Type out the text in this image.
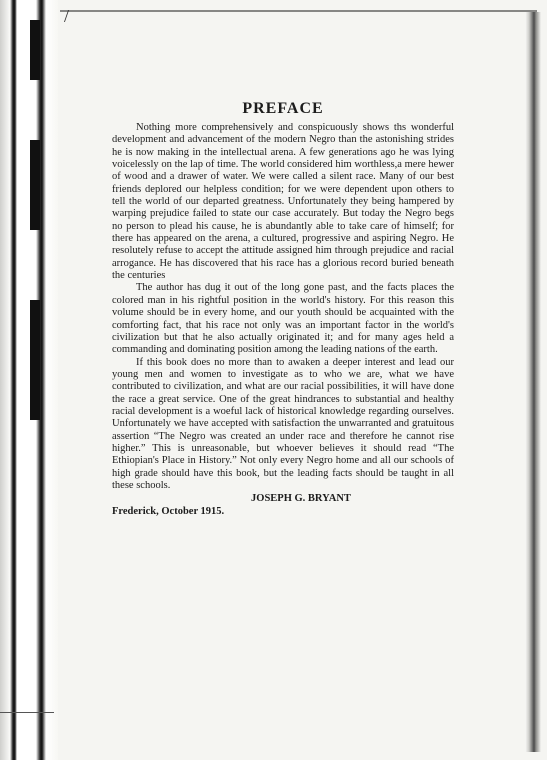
/
PREFACE

Nothing more comprehensively and conspicuously shows ths wonderful development and advancement of the modern Negro than the astonishing strides he is now making in the intellectual arena. A few generations ago he was lying voicelessly on the lap of time. The world considered him worthless,a mere hewer of wood and a drawer of water. We were called a silent race. Many of our best friends deplored our helpless condition; for we were dependent upon others to tell the world of our departed greatness. Unfortunately they being hampered by warping prejudice failed to state our case accurately. But today the Negro begs no person to plead his cause, he is abundantly able to take care of himself; for there has appeared on the arena, a cultured, progressive and aspiring Negro. He resolutely refuse to accept the attitude assigned him through prejudice and racial arrogance. He has discovered that his race has a glorious record buried beneath the centuries

The author has dug it out of the long gone past, and the facts places the colored man in his rightful position in the world's history. For this reason this volume should be in every home, and our youth should be acquainted with the comforting fact, that his race not only was an important factor in the world's civilization but that he also actually originated it; and for many ages held a commanding and dominating position among the leading nations of the earth.

If this book does no more than to awaken a deeper interest and lead our young men and women to investigate as to who we are, what we have contributed to civilization, and what are our racial possibilities, it will have done the race a great service. One of the great hindrances to substantial and healthy racial development is a woeful lack of historical knowledge regarding ourselves. Unfortunately we have accepted with satisfaction the unwarranted and gratuitous assertion “The Negro was created an under race and therefore he cannot rise higher.” This is unreasonable, but whoever believes it should read “The Ethiopian's Place in History.” Not only every Negro home and all our schools of high grade should have this book, but the leading facts should be taught in all these schools.

JOSEPH G. BRYANT

Frederick, October 1915.
